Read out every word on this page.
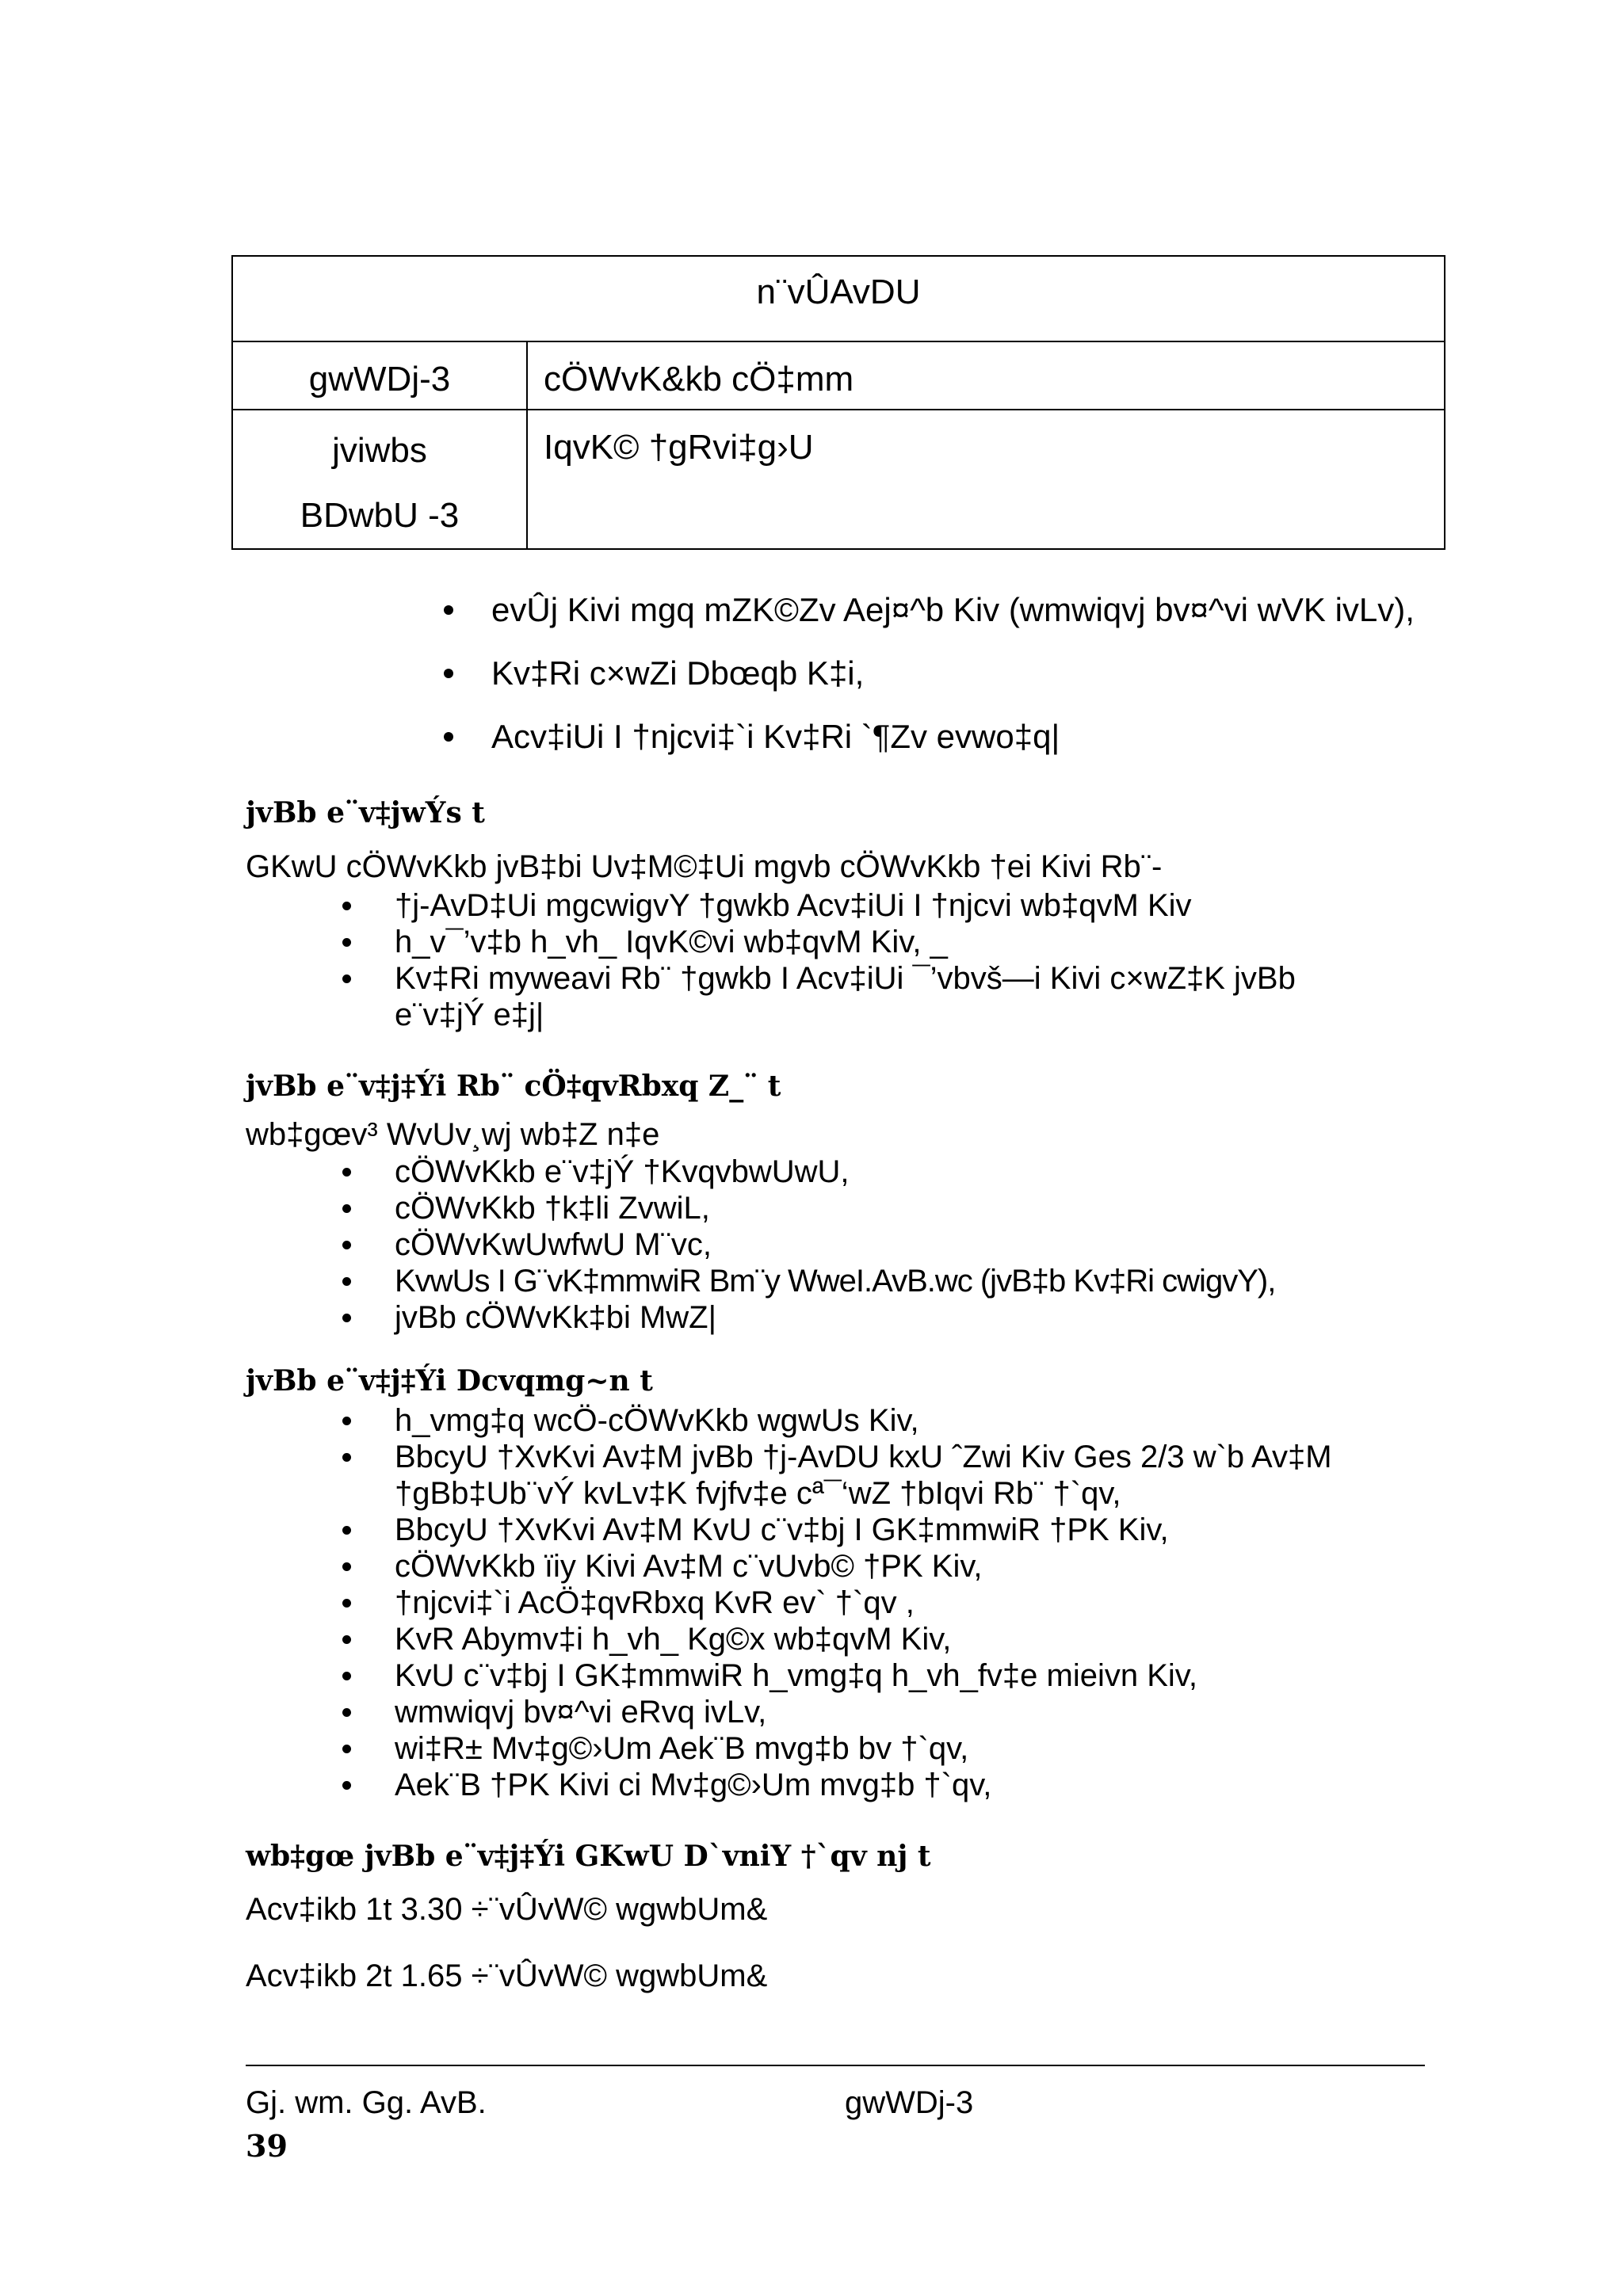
n¨vÛAvDU	
gwWDj-3	cÖWvK&kb cÖ‡mm

jviwbs
BDwbU -3	IqvK© †gRvi‡g›U
evÛj Kivi mgq mZK©Zv Aej¤^b Kiv (wmwiqvj bv¤^vi wVK ivLv),
Kv‡Ri c×wZi Dbœqb K‡i,
Acv‡iUi I †njcvi‡`i Kv‡Ri `¶Zv evwo‡q|
jvBb e¨v‡jwÝs t
GKwU cÖWvKkb jvB‡bi Uv‡M©‡Ui mgvb cÖWvKkb †ei Kivi Rb¨-
†j-AvD‡Ui mgcwigvY †gwkb Acv‡iUi I †njcvi wb‡qvM Kiv
h_v¯’v‡b h_vh_ IqvK©vi wb‡qvM Kiv, _
Kv‡Ri myweavi Rb¨ †gwkb I Acv‡iUi ¯’vbvš—i Kivi c×wZ‡K jvBb
e¨v‡jÝ e‡j|
jvBb e¨v‡j‡Ýi Rb¨ cÖ‡qvRbxq Z_¨ t
wb‡gœv³ WvUv¸wj wb‡Z n‡e
cÖWvKkb e¨v‡jÝ †KvqvbwUwU,
cÖWvKkb †k‡li ZvwiL,
cÖWvKwUwfwU M¨vc,
KvwUs I G¨vK‡mmwiR Bm¨y WweI.AvB.wc (jvB‡b Kv‡Ri cwigvY),
jvBb cÖWvKk‡bi MwZ|
jvBb e¨v‡j‡Ýi Dcvqmg~n t
h_vmg‡q wcÖ-cÖWvKkb wgwUs Kiv,
BbcyU †XvKvi Av‡M jvBb †j-AvDU kxU ˆZwi Kiv Ges 2/3 w`b Av‡M
†gBb‡Ub¨vÝ kvLv‡K fvjfv‡e cª¯‘wZ †bIqvi Rb¨ †`qv,
BbcyU †XvKvi Av‡M KvU c¨v‡bj I GK‡mmwiR †PK Kiv,
cÖWvKkb ïiy Kivi Av‡M c¨vUvb© †PK Kiv,
†njcvi‡`i AcÖ‡qvRbxq KvR ev` †`qv ,
KvR Abymv‡i h_vh_ Kg©x wb‡qvM Kiv,
KvU c¨v‡bj I GK‡mmwiR h_vmg‡q h_vh_fv‡e mieivn Kiv,
wmwiqvj bv¤^vi eRvq ivLv,
wi‡R± Mv‡g©›Um Aek¨B mvg‡b bv †`qv,
Aek¨B †PK Kivi ci Mv‡g©›Um mvg‡b †`qv,
wb‡gœ jvBb e¨v‡j‡Ýi GKwU D`vniY †`qv nj t
Acv‡ikb 1t 3.30 ÷¨vÛvW© wgwbUm&
Acv‡ikb 2t 1.65 ÷¨vÛvW© wgwbUm&
Gj. wm. Gg. AvB.	gwWDj-3
39
